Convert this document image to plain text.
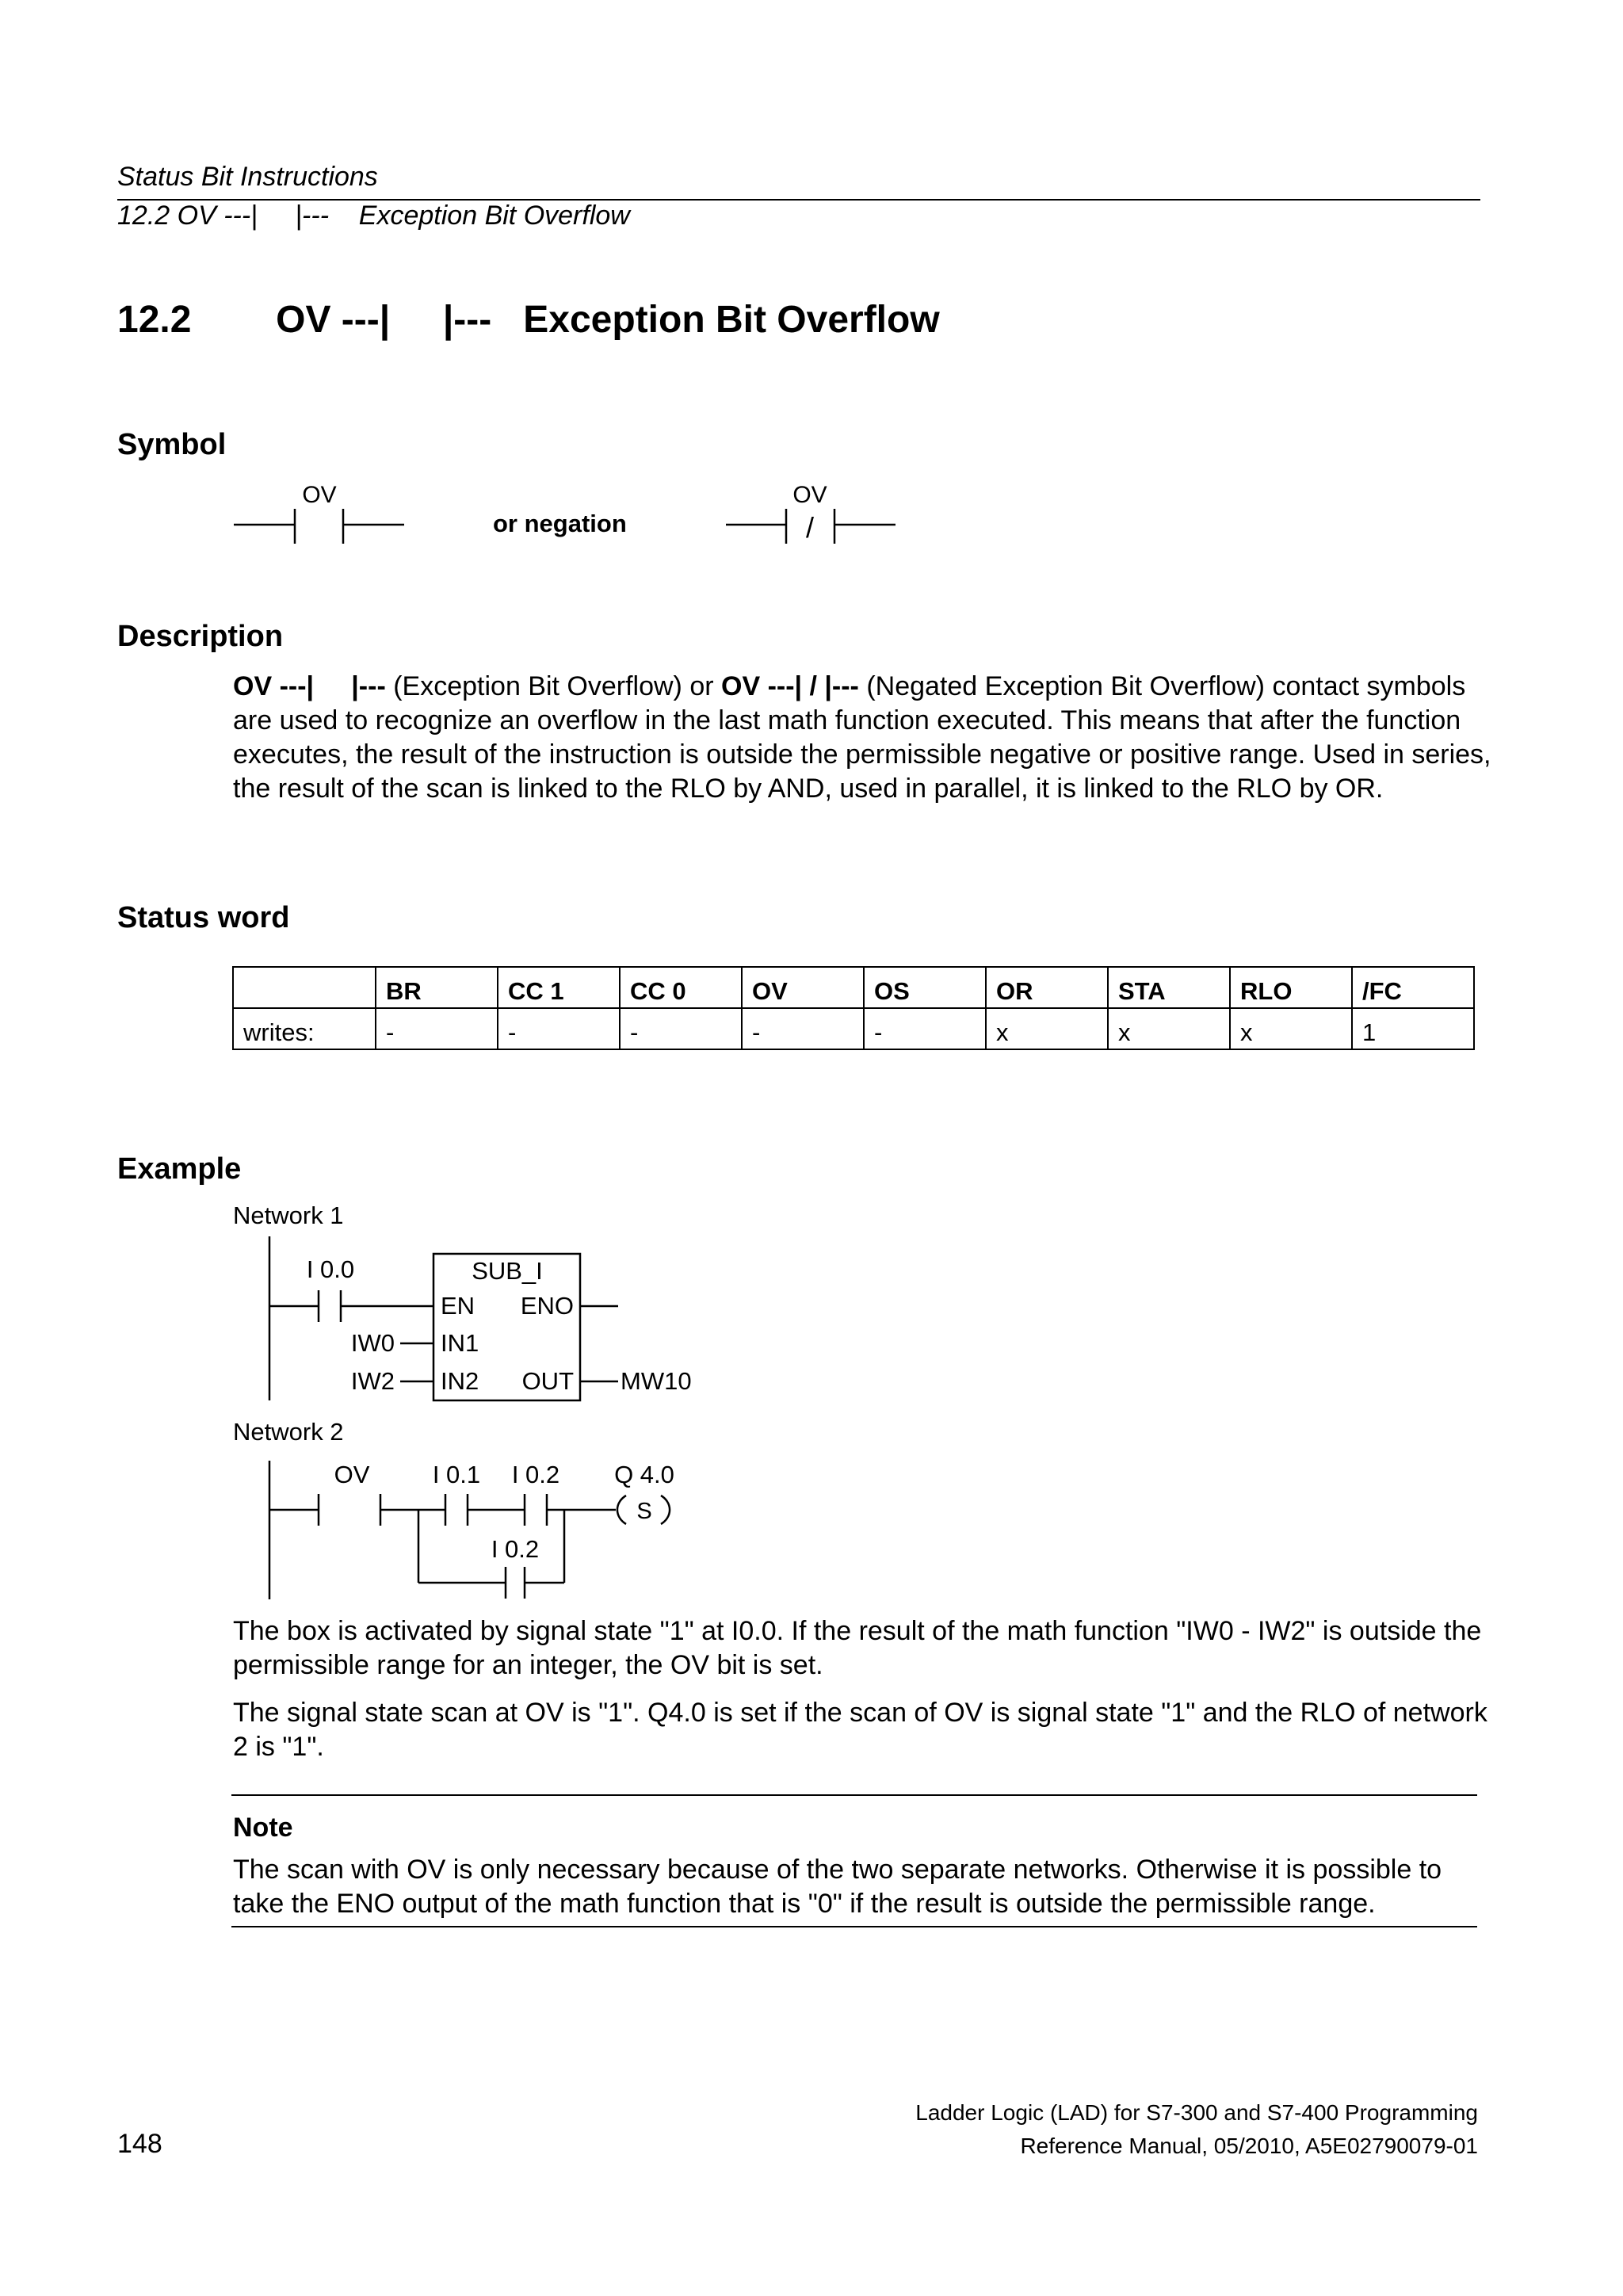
Status Bit Instructions
12.2 OV ---|     |---    Exception Bit Overflow
12.2        OV ---|     |---   Exception Bit Overflow
Symbol
OV
or negation
OV
/
Description
OV ---|     |--- (Exception Bit Overflow) or OV ---| / |--- (Negated Exception Bit Overflow) contact symbols are used to recognize an overflow in the last math function executed. This means that after the function executes, the result of the instruction is outside the permissible negative or positive range. Used in series, the result of the scan is linked to the RLO by AND, used in parallel, it is linked to the RLO by OR.
Status word
	BR	CC 1	CC 0	OV	OS	OR	STA	RLO	/FC
writes:	-	-	-	-	-	x	x	x	1
Example
Network 1
I 0.0	SUB_I
EN ENO
IN1
IN2 OUT
IW0
IW2	MW10
Network 2
OV	I 0.1 I 0.2 Q 4.0
S
I 0.2
The box is activated by signal state "1" at I0.0. If the result of the math function "IW0 - IW2" is outside the permissible range for an integer, the OV bit is set.
The signal state scan at OV is "1". Q4.0 is set if the scan of OV is signal state "1" and the RLO of network 2 is "1".
Note
The scan with OV is only necessary because of the two separate networks. Otherwise it is possible to take the ENO output of the math function that is "0" if the result is outside the permissible range.
Ladder Logic (LAD) for S7-300 and S7-400 Programming
Reference Manual, 05/2010, A5E02790079-01
148
